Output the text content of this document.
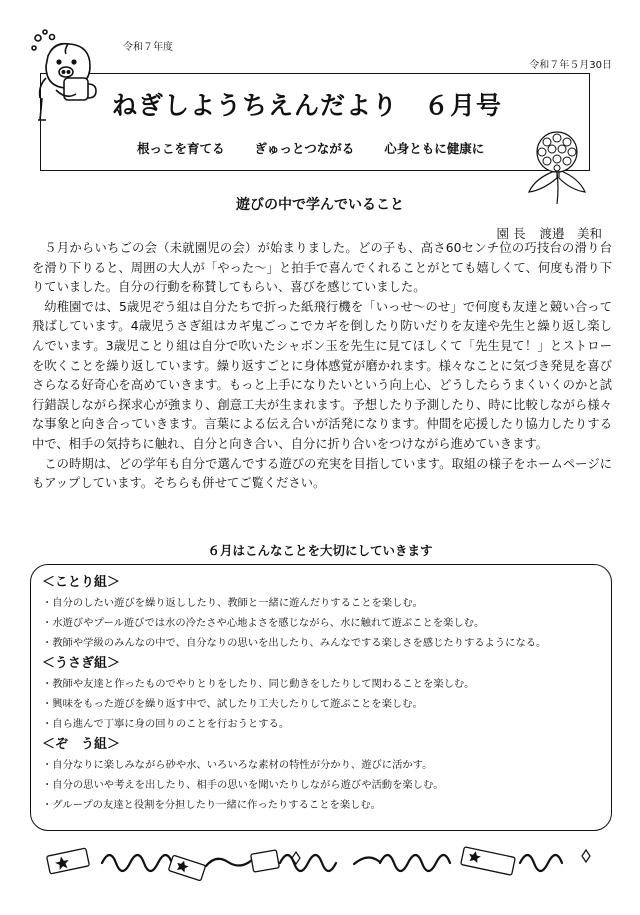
令和７年度
令和７年５月30日
ねぎしようちえんだより　６月号
根っこを育てる ぎゅっとつながる 心身ともに健康に
遊びの中で学んでいること
園 長 渡邉　美和

５月からいちごの会（未就園児の会）が始まりました。どの子も、高さ60センチ位の巧技台の滑り台を滑り下りると、周囲の大人が「やった～」と拍手で喜んでくれることがとても嬉しくて、何度も滑り下りていました。自分の行動を称賛してもらい、喜びを感じていました。

幼稚園では、5歳児ぞう組は自分たちで折った紙飛行機を「いっせ～のせ」で何度も友達と競い合って飛ばしています。4歳児うさぎ組はカギ鬼ごっこでカギを倒したり防いだりを友達や先生と繰り返し楽しんでいます。3歳児ことり組は自分で吹いたシャボン玉を先生に見てほしくて「先生見て！」とストローを吹くことを繰り返しています。繰り返すごとに身体感覚が磨かれます。様々なことに気づき発見を喜びさらなる好奇心を高めていきます。もっと上手になりたいという向上心、どうしたらうまくいくのかと試行錯誤しながら探求心が強まり、創意工夫が生まれます。予想したり予測したり、時に比較しながら様々な事象と向き合っていきます。言葉による伝え合いが活発になります。仲間を応援したり協力したりする中で、相手の気持ちに触れ、自分と向き合い、自分に折り合いをつけながら進めていきます。

この時期は、どの学年も自分で選んでする遊びの充実を目指しています。取組の様子をホームページにもアップしています。そちらも併せてご覧ください。

６月はこんなことを大切にしていきます

＜ことり組＞

・自分のしたい遊びを繰り返ししたり、教師と一緒に遊んだりすることを楽しむ。

・水遊びやプール遊びでは水の冷たさや心地よさを感じながら、水に触れて遊ぶことを楽しむ。

・教師や学級のみんなの中で、自分なりの思いを出したり、みんなでする楽しさを感じたりするようになる。

＜うさぎ組＞

・教師や友達と作ったものでやりとりをしたり、同じ動きをしたりして関わることを楽しむ。

・興味をもった遊びを繰り返す中で、試したり工夫したりして遊ぶことを楽しむ。

・自ら進んで丁寧に身の回りのことを行おうとする。

＜ぞ　う組＞

・自分なりに楽しみながら砂や水、いろいろな素材の特性が分かり、遊びに活かす。

・自分の思いや考えを出したり、相手の思いを聞いたりしながら遊びや活動を楽しむ。

・グループの友達と役割を分担したり一緒に作ったりすることを楽しむ。
